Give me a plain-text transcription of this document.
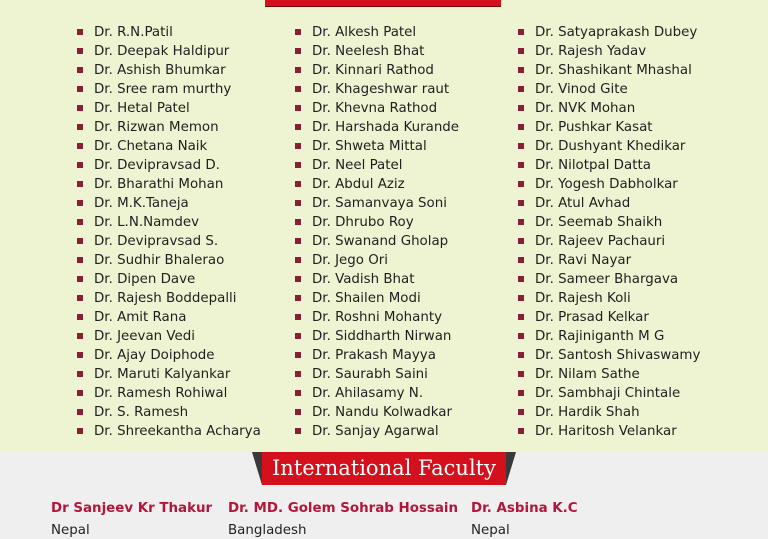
Dr. R.N.Patil
Dr. Deepak Haldipur
Dr. Ashish Bhumkar
Dr. Sree ram murthy
Dr. Hetal Patel
Dr. Rizwan Memon
Dr. Chetana Naik
Dr. Devipravsad D.
Dr. Bharathi Mohan
Dr. M.K.Taneja
Dr. L.N.Namdev
Dr. Devipravsad S.
Dr. Sudhir Bhalerao
Dr. Dipen Dave
Dr. Rajesh Boddepalli
Dr. Amit Rana
Dr. Jeevan Vedi
Dr. Ajay Doiphode
Dr. Maruti Kalyankar
Dr. Ramesh Rohiwal
Dr. S. Ramesh
Dr. Shreekantha Acharya
Dr. Alkesh Patel
Dr. Neelesh Bhat
Dr. Kinnari Rathod
Dr. Khageshwar raut
Dr. Khevna Rathod
Dr. Harshada Kurande
Dr. Shweta Mittal
Dr. Neel Patel
Dr. Abdul Aziz
Dr. Samanvaya Soni
Dr. Dhrubo Roy
Dr. Swanand Gholap
Dr. Jego Ori
Dr. Vadish Bhat
Dr. Shailen Modi
Dr. Roshni Mohanty
Dr. Siddharth Nirwan
Dr. Prakash Mayya
Dr. Saurabh Saini
Dr. Ahilasamy N.
Dr. Nandu Kolwadkar
Dr. Sanjay Agarwal
Dr. Satyaprakash Dubey
Dr. Rajesh Yadav
Dr. Shashikant Mhashal
Dr. Vinod Gite
Dr. NVK Mohan
Dr. Pushkar Kasat
Dr. Dushyant Khedikar
Dr. Nilotpal Datta
Dr. Yogesh Dabholkar
Dr. Atul Avhad
Dr. Seemab Shaikh
Dr. Rajeev Pachauri
Dr. Ravi Nayar
Dr. Sameer Bhargava
Dr. Rajesh Koli
Dr. Prasad Kelkar
Dr. Rajiniganth M G
Dr. Santosh Shivaswamy
Dr. Nilam Sathe
Dr. Sambhaji Chintale
Dr. Hardik Shah
Dr. Haritosh Velankar
International Faculty
Dr Sanjeev Kr Thakur
Nepal
Dr. MD. Golem Sohrab Hossain
Bangladesh
Dr. Asbina K.C
Nepal
